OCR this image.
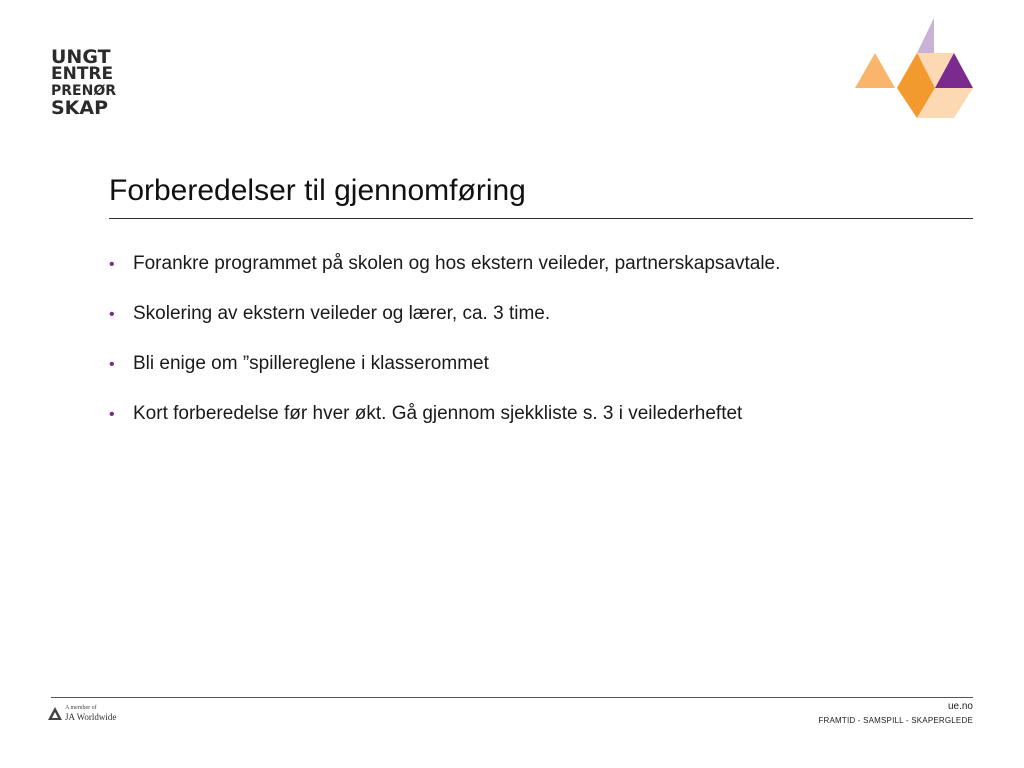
UNGT
ENTRE
PRENØR
SKAP
Forberedelser til gjennomføring
• Forankre programmet på skolen og hos ekstern veileder, partnerskapsavtale.
• Skolering av ekstern veileder og lærer, ca. 3 time.
• Bli enige om ”spillereglene i klasserommet
• Kort forberedelse før hver økt. Gå gjennom sjekkliste s. 3 i veilederheftet
A member of
JA Worldwide
ue.no
FRAMTID - SAMSPILL - SKAPERGLEDE
